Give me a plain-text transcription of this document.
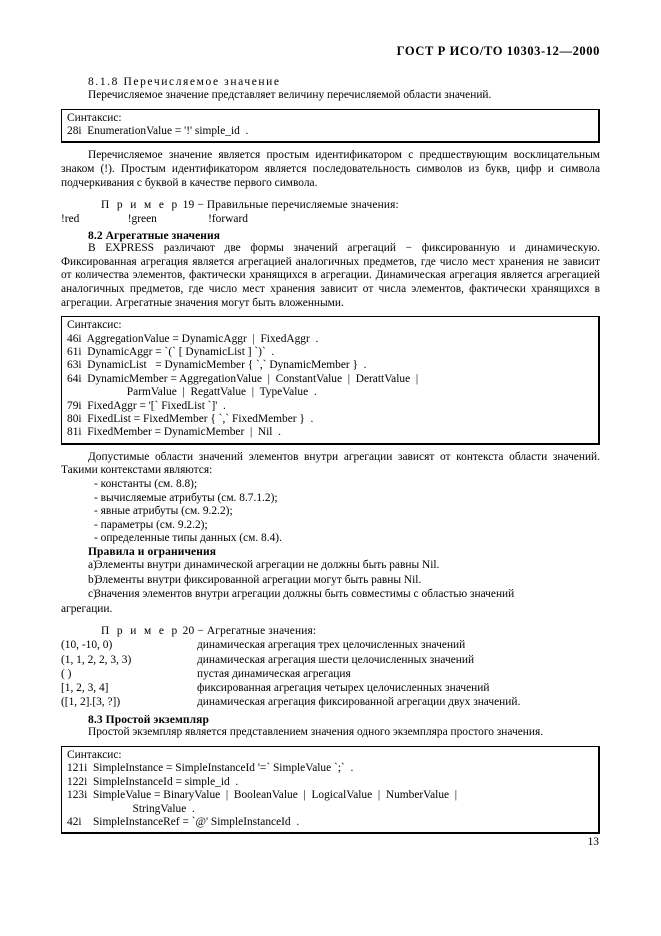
ГОСТ Р ИСО/ТО 10303-12—2000
8.1.8 Перечисляемое значение

Перечисляемое значение представляет величину перечисляемой области значений.

Синтаксис:
28i  EnumerationValue = '!' simple_id  .

Перечисляемое значение является простым идентификатором с предшествующим восклицательным знаком (!). Простым идентификатором является последовательность символов из букв, цифр и символа подчеркивания с буквой в качестве первого символа.

П р и м е р 19 − Правильные перечисляемые значения:
!red                 !green                  !forward
8.2 Агрегатные значения

В EXPRESS различают две формы значений агрегаций − фиксированную и динамическую. Фиксированная агрегация является агрегацией аналогичных предметов, где число мест хранения не зависит от количества элементов, фактически хранящихся в агрегации. Динамическая агрегация является агрегацией аналогичных предметов, где число мест хранения зависит от числа элементов, фактически хранящихся в агрегации. Агрегатные значения могут быть вложенными.

Синтаксис:
46i  AggregationValue = DynamicAggr  |  FixedAggr  .
61i  DynamicAggr = `(` [ DynamicList ] `)`  .
63i  DynamicList   = DynamicMember { `,` DynamicMember }  .
64i  DynamicMember = AggregationValue  |  ConstantValue  |  DerattValue  |
ParmValue  |  RegattValue  |  TypeValue  .
79i  FixedAggr = '[` FixedList `]'  .
80i  FixedList = FixedMember { `,` FixedMember }  .
81i  FixedMember = DynamicMember  |  Nil  .

Допустимые области значений элементов внутри агрегации зависят от контекста области значений. Такими контекстами являются:

- константы (см. 8.8);
- вычисляемые атрибуты (см. 8.7.1.2);
- явные атрибуты (см. 9.2.2);
- параметры (см. 9.2.2);
- определенные типы данных (см. 8.4).
Правила и ограничения
a)
Элементы внутри динамической агрегации не должны быть равны Nil.
b)
Элементы внутри фиксированной агрегации могут быть равны Nil.
c)
Значения элементов внутри агрегации должны быть совместимы с областью значений
агрегации.
П р и м е р 20 − Агрегатные значения:
(10, -10, 0)	динамическая агрегация трех целочисленных значений
(1, 1, 2, 2, 3, 3)	динамическая агрегация шести целочисленных значений
( )	пустая динамическая агрегация
[1, 2, 3, 4]	фиксированная агрегация четырех целочисленных значений
([1, 2].[3, ?])	динамическая агрегация фиксированной агрегации двух значений.
8.3 Простой экземпляр

Простой экземпляр является представлением значения одного экземпляра простого значения.

Синтаксис:
121i  SimpleInstance = SimpleInstanceId '=` SimpleValue `;`  .
122i  SimpleInstanceId = simple_id  .
123i  SimpleValue = BinaryValue  |  BooleanValue  |  LogicalValue  |  NumberValue  |
StringValue  .
42i    SimpleInstanceRef = `@' SimpleInstanceId  .
13
